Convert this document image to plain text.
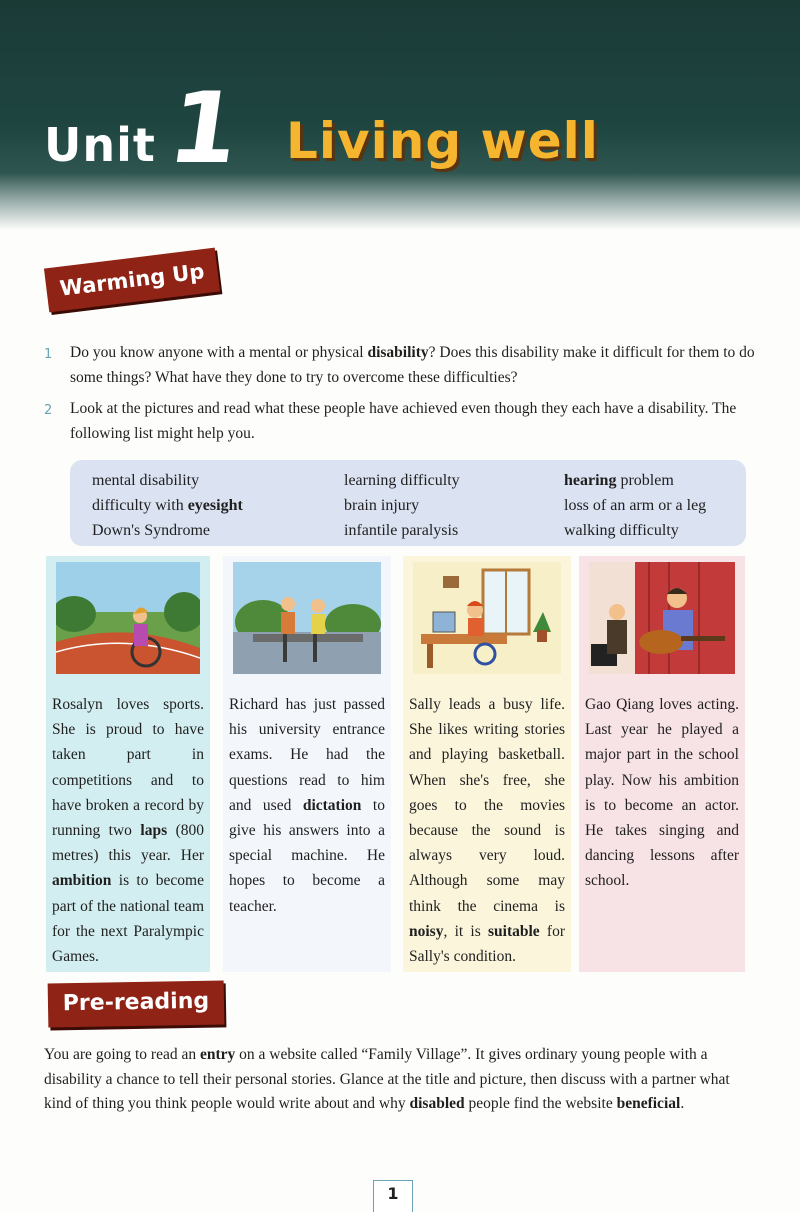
Unit 1 Living well
Warming Up
1	Do you know anyone with a mental or physical disability? Does this disability make it difficult for them to do some things? What have they done to try to overcome these difficulties?
2	Look at the pictures and read what these people have achieved even though they each have a disability. The following list might help you.
mental disability
difficulty with eyesight
Down's Syndrome
learning difficulty
brain injury
infantile paralysis
hearing problem
loss of an arm or a leg
walking difficulty
Rosalyn loves sports. She is proud to have taken part in competitions and to have broken a record by running two laps (800 metres) this year. Her ambition is to become part of the national team for the next Paralympic Games.
Richard has just passed his university entrance exams. He had the questions read to him and used dictation to give his answers into a special machine. He hopes to become a teacher.
Sally leads a busy life. She likes writing stories and playing basketball. When she's free, she goes to the movies because the sound is always very loud. Although some may think the cinema is noisy, it is suitable for Sally's condition.
Gao Qiang loves acting. Last year he played a major part in the school play. Now his ambition is to become an actor. He takes singing and dancing lessons after school.
Pre-reading
You are going to read an entry on a website called “Family Village”. It gives ordinary young people with a disability a chance to tell their personal stories. Glance at the title and picture, then discuss with a partner what kind of thing you think people would write about and why disabled people find the website beneficial.
1
